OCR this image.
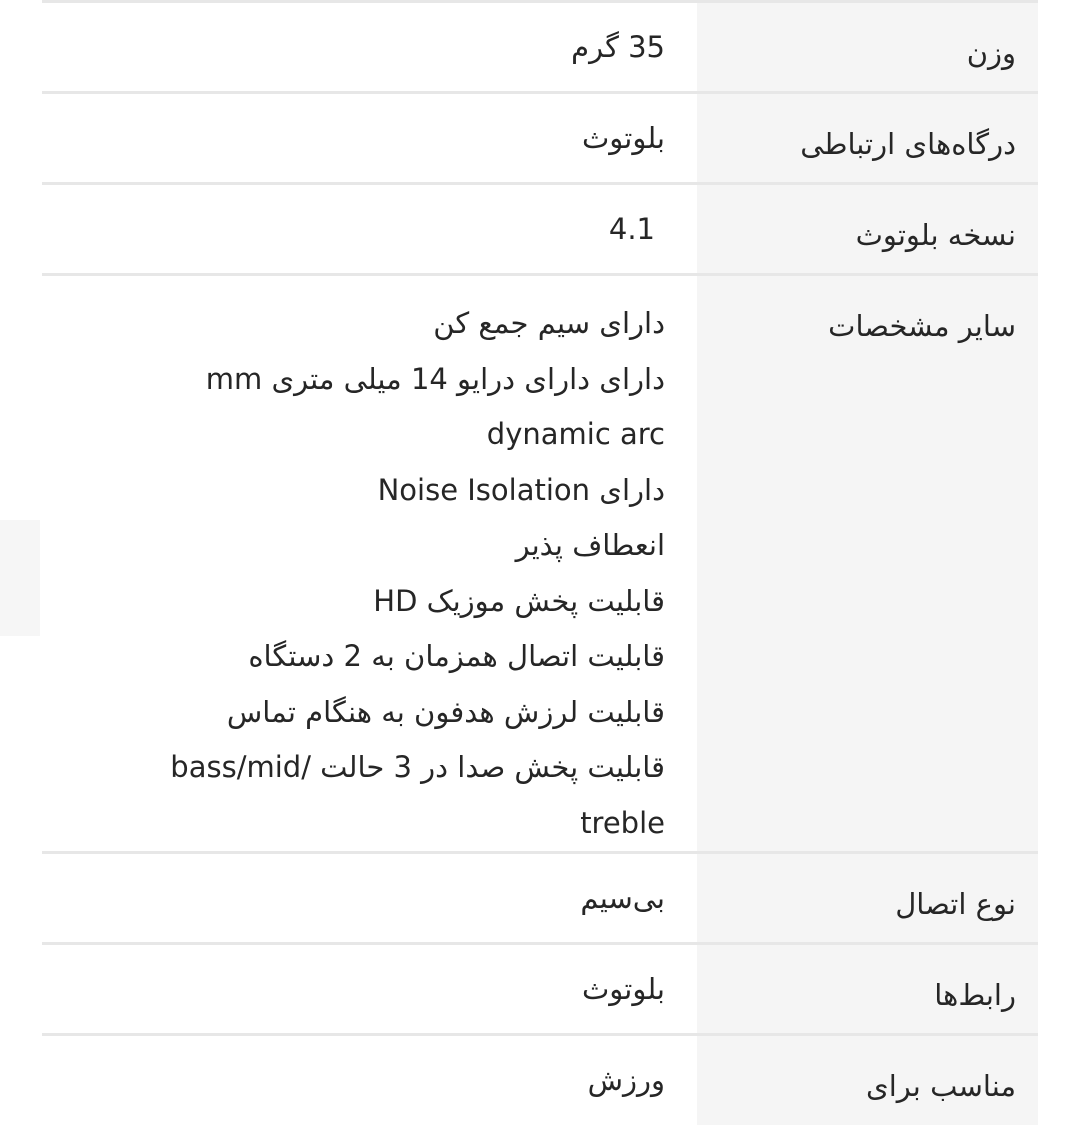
وزن
35 گرم
درگاه‌های ارتباطی
بلوتوث
نسخه بلوتوث
4.1
سایر مشخصات
دارای سیم جمع کن
دارای دارای درایو 14 میلی متری mm
dynamic arc
دارای Noise Isolation
انعطاف پذیر
قابلیت پخش موزیک HD
قابلیت اتصال همزمان به 2 دستگاه
قابلیت لرزش هدفون به هنگام تماس
قابلیت پخش صدا در 3 حالت /bass/mid
treble
نوع اتصال
بی‌سیم
رابط‌ها
بلوتوث
مناسب برای
ورزش
